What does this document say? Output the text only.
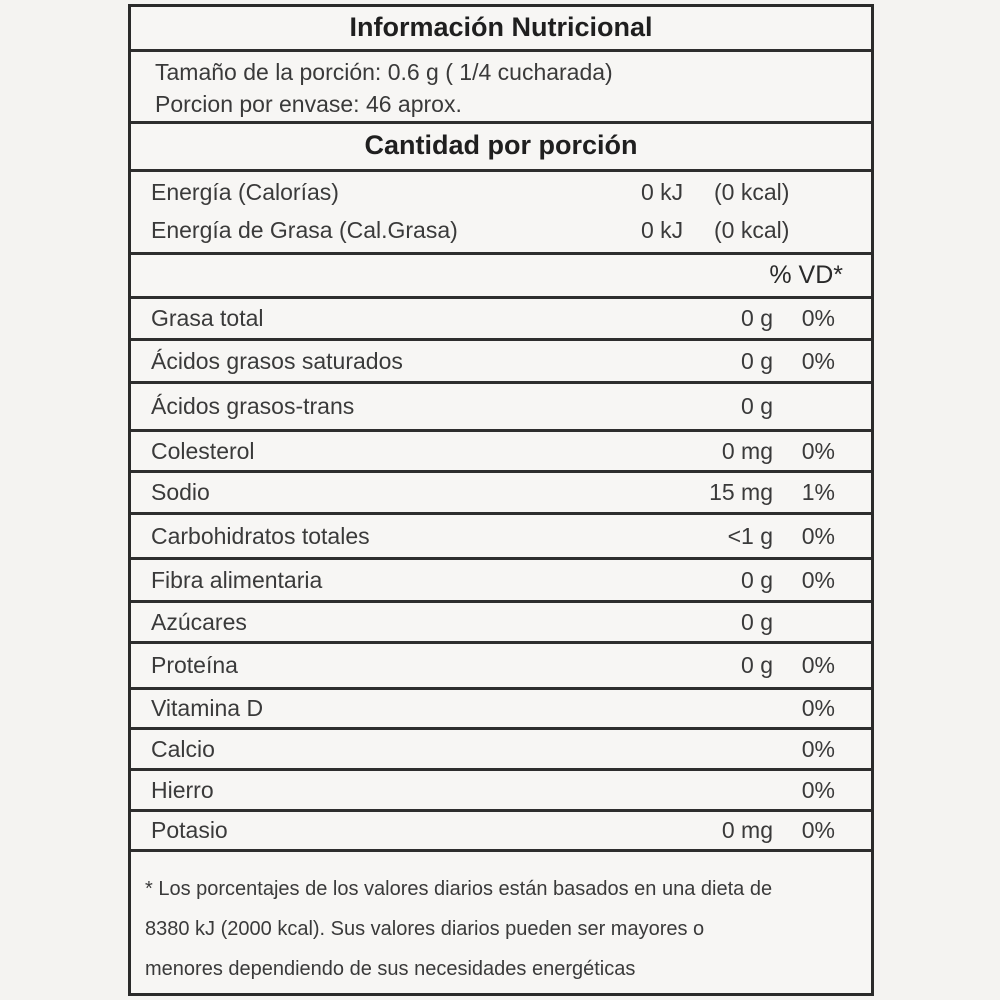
Información Nutricional
Tamaño de la porción: 0.6 g ( 1/4 cucharada)
Porcion por envase: 46 aprox.
Cantidad por porción
Energía (Calorías)	0 kJ (0 kcal)
Energía de Grasa (Cal.Grasa)	0 kJ (0 kcal)
% VD*
Grasa total	0 g 0%
Ácidos grasos saturados	0 g 0%
Ácidos grasos-trans	0 g
Colesterol	0 mg 0%
Sodio	15 mg 1%
Carbohidratos totales	<1 g 0%
Fibra alimentaria	0 g 0%
Azúcares	0 g
Proteína	0 g 0%
Vitamina D	0%
Calcio	0%
Hierro	0%
Potasio	0 mg 0%
* Los porcentajes de los valores diarios están basados en una dieta de
8380 kJ (2000 kcal). Sus valores diarios pueden ser mayores o
menores dependiendo de sus necesidades energéticas
